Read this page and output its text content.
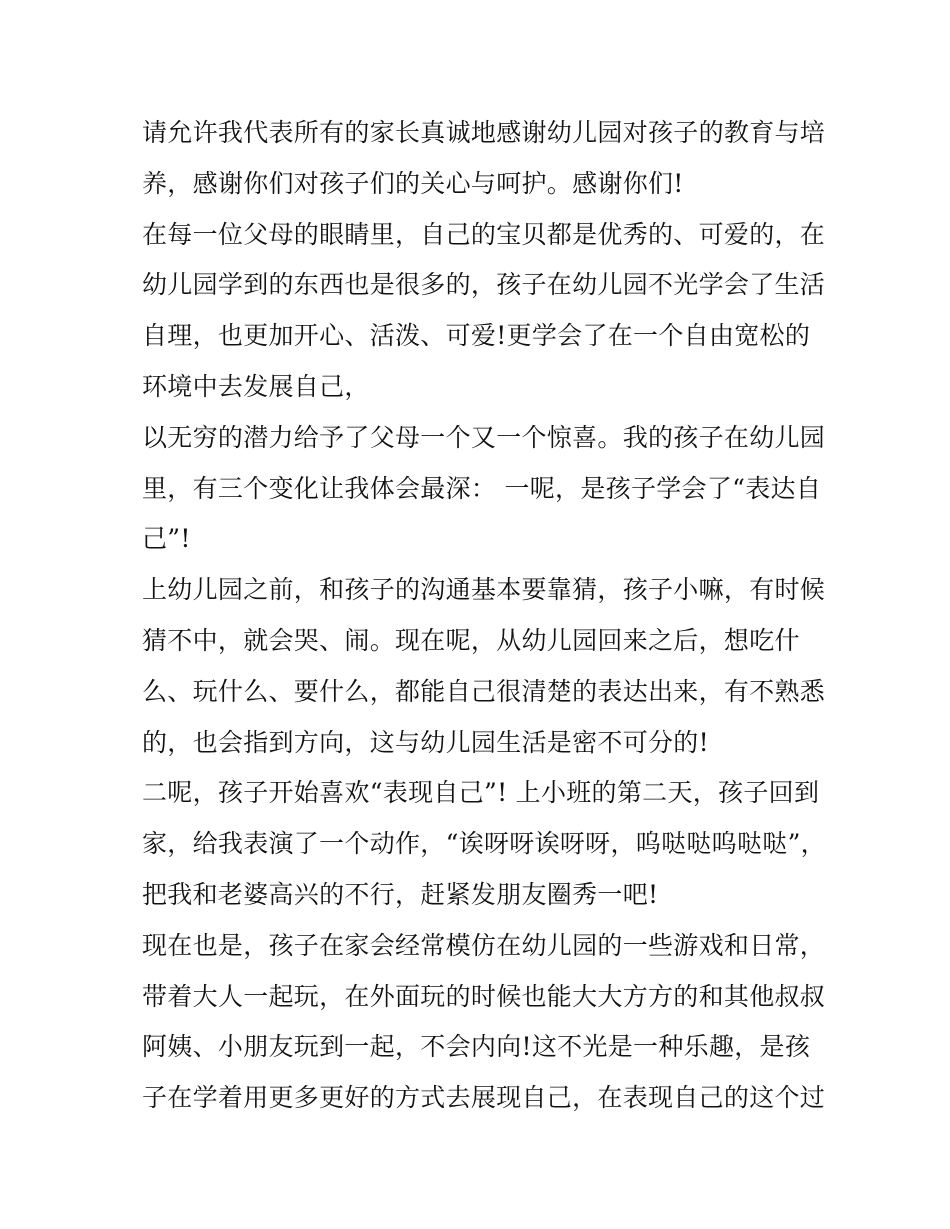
请允许我代表所有的家长真诚地感谢幼儿园对孩子的教育与培
养，感谢你们对孩子们的关心与呵护。感谢你们!
在每一位父母的眼睛里，自己的宝贝都是优秀的、可爱的，在
幼儿园学到的东西也是很多的，孩子在幼儿园不光学会了生活
自理，也更加开心、活泼、可爱!更学会了在一个自由宽松的
环境中去发展自己，
以无穷的潜力给予了父母一个又一个惊喜。我的孩子在幼儿园
里，有三个变化让我体会最深： 一呢，是孩子学会了“表达自
己”!
上幼儿园之前，和孩子的沟通基本要靠猜，孩子小嘛，有时候
猜不中，就会哭、闹。现在呢，从幼儿园回来之后，想吃什
么、玩什么、要什么，都能自己很清楚的表达出来，有不熟悉
的，也会指到方向，这与幼儿园生活是密不可分的!
二呢，孩子开始喜欢“表现自己”! 上小班的第二天，孩子回到
家，给我表演了一个动作，“诶呀呀诶呀呀，呜哒哒呜哒哒”，
把我和老婆高兴的不行，赶紧发朋友圈秀一吧!
现在也是，孩子在家会经常模仿在幼儿园的一些游戏和日常，
带着大人一起玩，在外面玩的时候也能大大方方的和其他叔叔
阿姨、小朋友玩到一起，不会内向!这不光是一种乐趣，是孩
子在学着用更多更好的方式去展现自己，在表现自己的这个过
